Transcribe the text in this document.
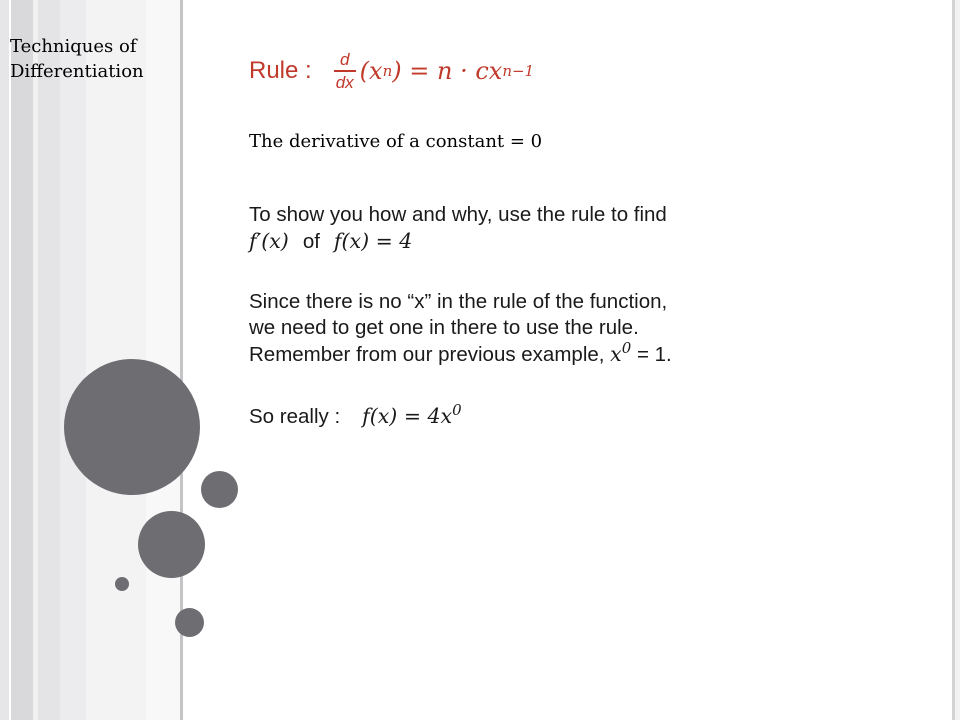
Techniques of
Differentiation	Rule : $\frac{d}{dx} (x$ n ) = n · cx n−1
The derivative of a constant = 0
To show you how and why, use the rule to find
f′(x) of f(x) = 4
Since there is no “x” in the rule of the function,
we need to get one in there to use the rule.
Remember from our previous example, $x^0 = 1$.
So really : $f(x) = 4x^0$
